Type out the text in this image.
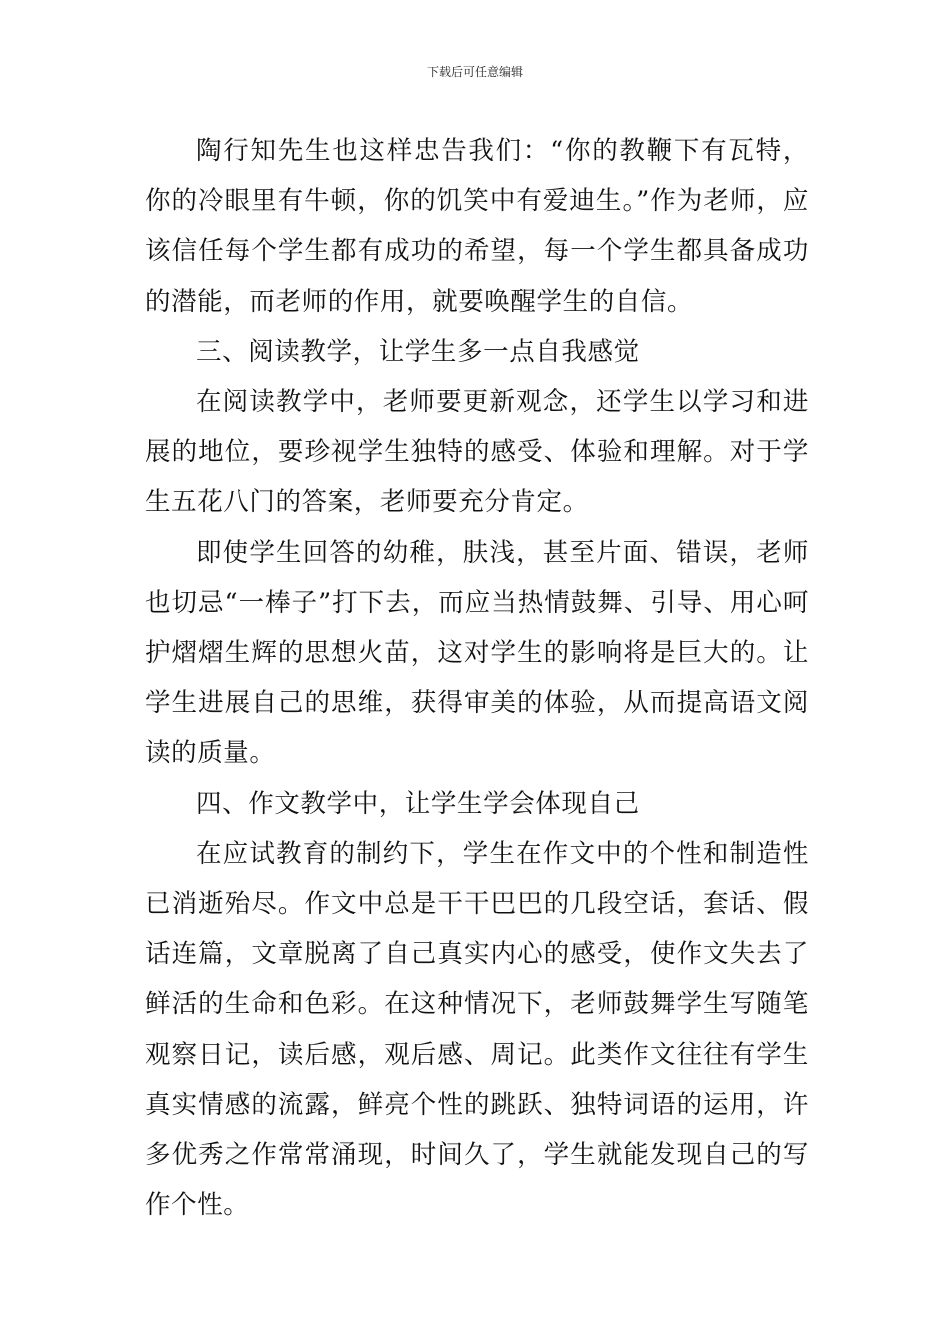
下载后可任意编辑

陶行知先生也这样忠告我们：“你的教鞭下有瓦特，你的冷眼里有牛顿，你的饥笑中有爱迪生。”作为老师，应该信任每个学生都有成功的希望，每一个学生都具备成功的潜能，而老师的作用，就要唤醒学生的自信。

三、阅读教学，让学生多一点自我感觉

在阅读教学中，老师要更新观念，还学生以学习和进展的地位，要珍视学生独特的感受、体验和理解。对于学生五花八门的答案，老师要充分肯定。

即使学生回答的幼稚，肤浅，甚至片面、错误，老师也切忌“一棒子”打下去，而应当热情鼓舞、引导、用心呵护熠熠生辉的思想火苗，这对学生的影响将是巨大的。让学生进展自己的思维，获得审美的体验，从而提高语文阅读的质量。

四、作文教学中，让学生学会体现自己

在应试教育的制约下，学生在作文中的个性和制造性已消逝殆尽。作文中总是干干巴巴的几段空话，套话、假话连篇，文章脱离了自己真实内心的感受，使作文失去了鲜活的生命和色彩。在这种情况下，老师鼓舞学生写随笔观察日记，读后感，观后感、周记。此类作文往往有学生真实情感的流露，鲜亮个性的跳跃、独特词语的运用，许多优秀之作常常涌现，时间久了，学生就能发现自己的写作个性。
